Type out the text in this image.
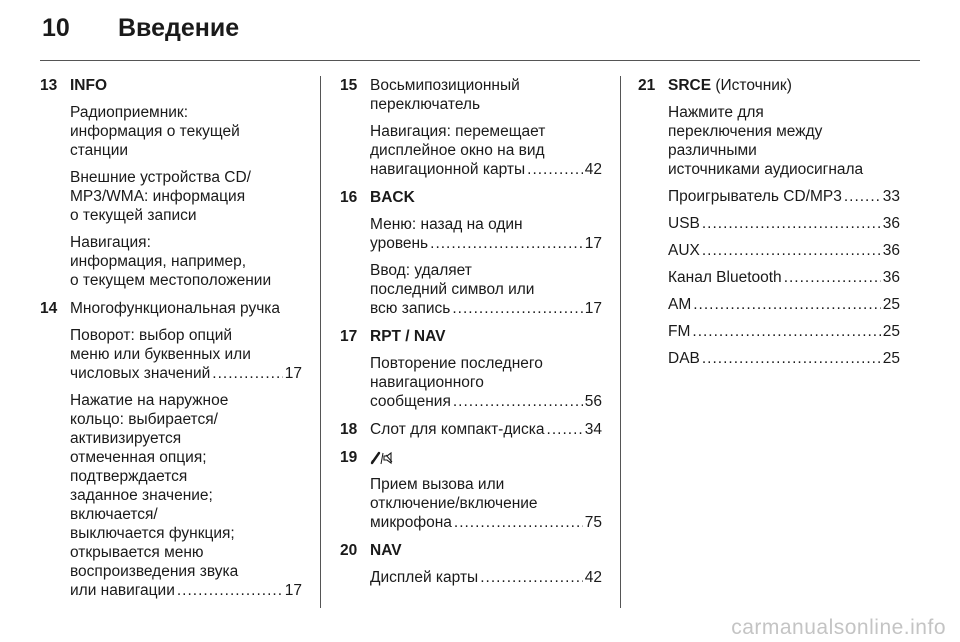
10 Введение
13 INFO
Радиоприемник:
информация о текущей
станции
Внешние устройства CD/
MP3/WMA: информация
о текущей записи
Навигация:
информация, например,
о текущем местоположении
14 Многофункциональная ручка
Поворот: выбор опций
меню или буквенных или
числовых значений .....	17
Нажатие на наружное
кольцо: выбирается/
активизируется
отмеченная опция;
подтверждается
заданное значение;
включается/
выключается функция;
открывается меню
воспроизведения звука
или навигации .....	17
15 Восьмипозиционный
переключатель
Навигация: перемещает
дисплейное окно на вид
навигационной карты .....	42
16 BACK
Меню: назад на один
уровень .....	17
Ввод: удаляет
последний символ или
всю запись .....	17
17 RPT / NAV
Повторение последнего
навигационного
сообщения .....	56
18 Слот для компакт-диска .....	34
19
Прием вызова или
отключение/включение
микрофона .....	75
20 NAV
Дисплей карты .....	42
21 SRCE (Источник)
Нажмите для
переключения между
различными
источниками аудиосигнала
Проигрыватель CD/MP3 .....	33
USB .....	36
AUX .....	36
Канал Bluetooth .....	36
AM .....	25
FM .....	25
DAB .....	25
carmanualsonline.info
